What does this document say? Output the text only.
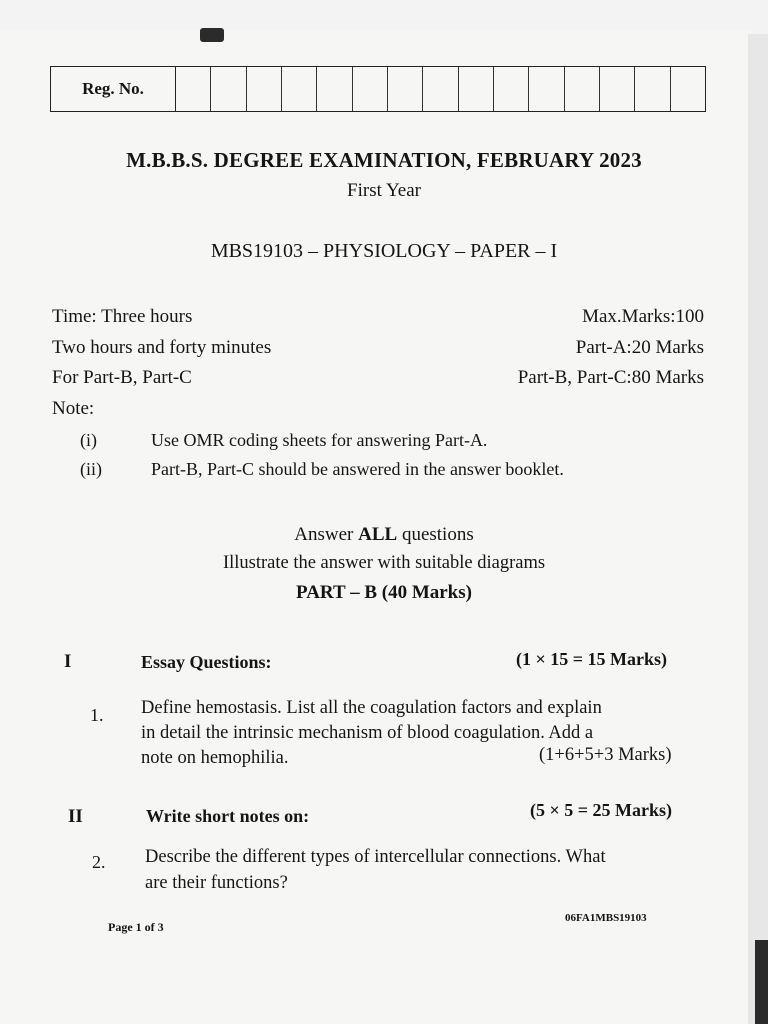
Reg. No.
M.B.B.S. DEGREE EXAMINATION, FEBRUARY 2023
First Year
MBS19103 – PHYSIOLOGY – PAPER – I
Time: Three hours	Max.Marks:100
Two hours and forty minutes	Part-A:20 Marks
For Part-B, Part-C	Part-B, Part-C:80 Marks
Note:
(i)	Use OMR coding sheets for answering Part-A.
(ii)	Part-B, Part-C should be answered in the answer booklet.
Answer ALL questions
Illustrate the answer with suitable diagrams
PART – B (40 Marks)
I	Essay Questions:	(1 × 15 = 15 Marks)
1. Define hemostasis. List all the coagulation factors and explain
in detail the intrinsic mechanism of blood coagulation. Add a
note on hemophilia.	(1+6+5+3 Marks)
II	Write short notes on:	(5 × 5 = 25 Marks)
2. Describe the different types of intercellular connections. What
are their functions?
Page 1 of 3
06FA1MBS19103
